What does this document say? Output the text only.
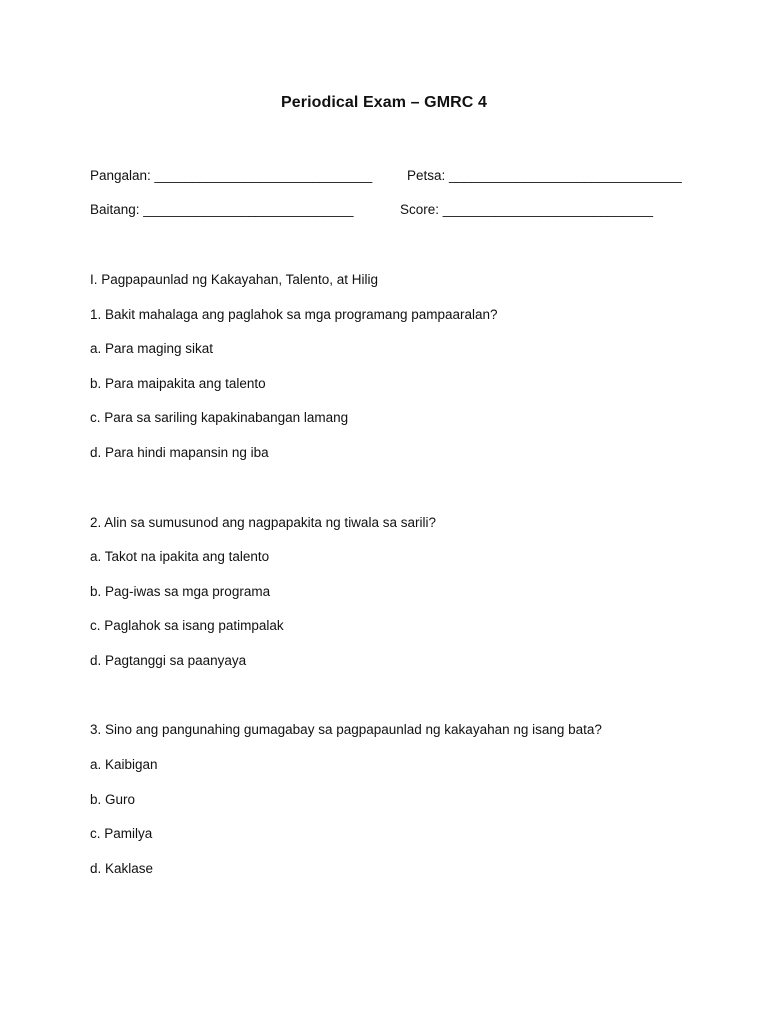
Periodical Exam – GMRC 4
Pangalan: _____________________________	Petsa: _______________________________
Baitang: ____________________________	Score: ____________________________
I. Pagpapaunlad ng Kakayahan, Talento, at Hilig
1. Bakit mahalaga ang paglahok sa mga programang pampaaralan?
a. Para maging sikat
b. Para maipakita ang talento
c. Para sa sariling kapakinabangan lamang
d. Para hindi mapansin ng iba
2. Alin sa sumusunod ang nagpapakita ng tiwala sa sarili?
a. Takot na ipakita ang talento
b. Pag-iwas sa mga programa
c. Paglahok sa isang patimpalak
d. Pagtanggi sa paanyaya
3. Sino ang pangunahing gumagabay sa pagpapaunlad ng kakayahan ng isang bata?
a. Kaibigan
b. Guro
c. Pamilya
d. Kaklase
